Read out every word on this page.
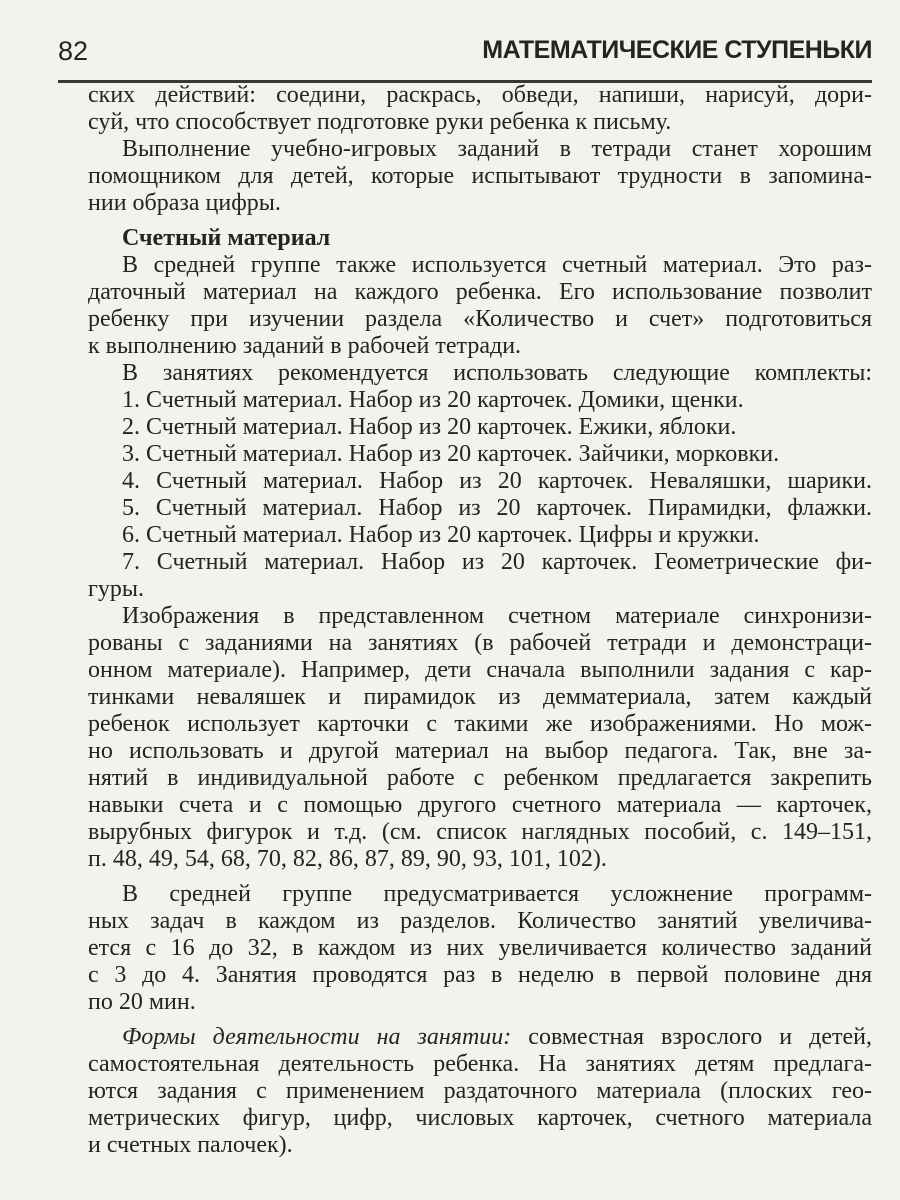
82	МАТЕМАТИЧЕСКИЕ СТУПЕНЬКИ
ских действий: соедини, раскрась, обведи, напиши, нарисуй, дори-
суй, что способствует подготовке руки ребенка к письму.
Выполнение учебно-игровых заданий в тетради станет хорошим
помощником для детей, которые испытывают трудности в запомина-
нии образа цифры.
Счетный материал
В средней группе также используется счетный материал. Это раз-
даточный материал на каждого ребенка. Его использование позволит
ребенку при изучении раздела «Количество и счет» подготовиться
к выполнению заданий в рабочей тетради.
В занятиях рекомендуется использовать следующие комплекты:
1. Счетный материал. Набор из 20 карточек. Домики, щенки.
2. Счетный материал. Набор из 20 карточек. Ежики, яблоки.
3. Счетный материал. Набор из 20 карточек. Зайчики, морковки.
4. Счетный материал. Набор из 20 карточек. Неваляшки, шарики.
5. Счетный материал. Набор из 20 карточек. Пирамидки, флажки.
6. Счетный материал. Набор из 20 карточек. Цифры и кружки.
7. Счетный материал. Набор из 20 карточек. Геометрические фи-
гуры.
Изображения в представленном счетном материале синхронизи-
рованы с заданиями на занятиях (в рабочей тетради и демонстраци-
онном материале). Например, дети сначала выполнили задания с кар-
тинками неваляшек и пирамидок из демматериала, затем каждый
ребенок использует карточки с такими же изображениями. Но мож-
но использовать и другой материал на выбор педагога. Так, вне за-
нятий в индивидуальной работе с ребенком предлагается закрепить
навыки счета и с помощью другого счетного материала — карточек,
вырубных фигурок и т.д. (см. список наглядных пособий, с. 149–151,
п. 48, 49, 54, 68, 70, 82, 86, 87, 89, 90, 93, 101, 102).
В средней группе предусматривается усложнение программ-
ных задач в каждом из разделов. Количество занятий увеличива-
ется с 16 до 32, в каждом из них увеличивается количество заданий
с 3 до 4. Занятия проводятся раз в неделю в первой половине дня
по 20 мин.
Формы деятельности на занятии: совместная взрослого и детей,
самостоятельная деятельность ребенка. На занятиях детям предлага-
ются задания с применением раздаточного материала (плоских гео-
метрических фигур, цифр, числовых карточек, счетного материала
и счетных палочек).
